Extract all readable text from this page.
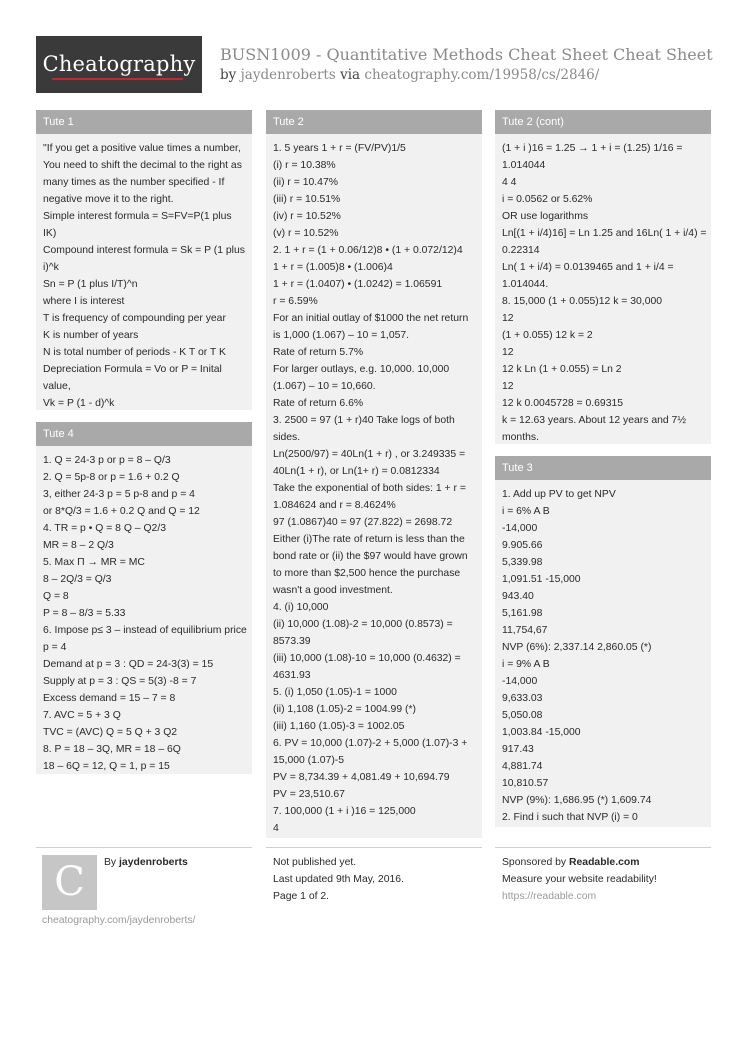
Cheatography	BUSN1009 - Quantitative Methods Cheat Sheet Cheat Sheet
by jaydenroberts via cheatography.com/19958/cs/2846/
Tute 1
"If you get a positive value times a number,
You need to shift the decimal to the right as
many times as the number specified - If
negative move it to the right.
Simple interest formula = S=FV=P(1 plus
IK)
Compound interest formula = Sk = P (1 plus
i)^k
Sn = P (1 plus I/T)^n
where I is interest
T is frequency of compounding per year
K is number of years
N is total number of periods - K T or T K
Depreciation Formula = Vo or P = Inital
value,
Vk = P (1 - d)^k
Tute 4
1. Q = 24-3 p or p = 8 – Q/3
2. Q = 5p-8 or p = 1.6 + 0.2 Q
3, either 24-3 p = 5 p-8 and p = 4
or 8*Q/3 = 1.6 + 0.2 Q and Q = 12
4. TR = p • Q = 8 Q – Q2/3
MR = 8 – 2 Q/3
5. Max Π → MR = MC
8 – 2Q/3 = Q/3
Q = 8
P = 8 – 8/3 = 5.33
6. Impose p≤ 3 – instead of equilibrium price
p = 4
Demand at p = 3 : QD = 24-3(3) = 15
Supply at p = 3 : QS = 5(3) -8 = 7
Excess demand = 15 – 7 = 8
7. AVC = 5 + 3 Q
TVC = (AVC) Q = 5 Q + 3 Q2
8. P = 18 – 3Q, MR = 18 – 6Q
18 – 6Q = 12, Q = 1, p = 15
Tute 2
1. 5 years 1 + r = (FV/PV)1/5
(i) r = 10.38%
(ii) r = 10.47%
(iii) r = 10.51%
(iv) r = 10.52%
(v) r = 10.52%
2. 1 + r = (1 + 0.06/12)8 • (1 + 0.072/12)4
1 + r = (1.005)8 • (1.006)4
1 + r = (1.0407) • (1.0242) = 1.06591
r = 6.59%
For an initial outlay of $1000 the net return
is 1,000 (1.067) – 10 = 1,057.
Rate of return 5.7%
For larger outlays, e.g. 10,000. 10,000
(1.067) – 10 = 10,660.
Rate of return 6.6%
3. 2500 = 97 (1 + r)40 Take logs of both
sides.
Ln(2500/97) = 40Ln(1 + r) , or 3.249335 =
40Ln(1 + r), or Ln(1+ r) = 0.0812334
Take the exponential of both sides: 1 + r =
1.084624 and r = 8.4624%
97 (1.0867)40 = 97 (27.822) = 2698.72
Either (i)The rate of return is less than the
bond rate or (ii) the $97 would have grown
to more than $2,500 hence the purchase
wasn't a good investment.
4. (i) 10,000
(ii) 10,000 (1.08)-2 = 10,000 (0.8573) =
8573.39
(iii) 10,000 (1.08)-10 = 10,000 (0.4632) =
4631.93
5. (i) 1,050 (1.05)-1 = 1000
(ii) 1,108 (1.05)-2 = 1004.99 (*)
(iii) 1,160 (1.05)-3 = 1002.05
6. PV = 10,000 (1.07)-2 + 5,000 (1.07)-3 +
15,000 (1.07)-5
PV = 8,734.39 + 4,081.49 + 10,694.79
PV = 23,510.67
7. 100,000 (1 + i )16 = 125,000
4
Tute 2 (cont)
(1 + i )16 = 1.25 → 1 + i = (1.25) 1/16 =
1.014044
4 4
i = 0.0562 or 5.62%
OR use logarithms
Ln[(1 + i/4)16] = Ln 1.25 and 16Ln( 1 + i/4) =
0.22314
Ln( 1 + i/4) = 0.0139465 and 1 + i/4 =
1.014044.
8. 15,000 (1 + 0.055)12 k = 30,000
12
(1 + 0.055) 12 k = 2
12
12 k Ln (1 + 0.055) = Ln 2
12
12 k 0.0045728 = 0.69315
k = 12.63 years. About 12 years and 7½
months.
Tute 3
1. Add up PV to get NPV
i = 6% A B
-14,000
9.905.66
5,339.98
1,091.51 -15,000
943.40
5,161.98
11,754,67
NVP (6%): 2,337.14 2,860.05 (*)
i = 9% A B
-14,000
9,633.03
5,050.08
1,003.84 -15,000
917.43
4,881.74
10,810.57
NVP (9%): 1,686.95 (*) 1,609.74
2. Find i such that NVP (i) = 0
C	By jaydenroberts
cheatography.com/jaydenroberts/
Not published yet.
Last updated 9th May, 2016.
Page 1 of 2.
Sponsored by Readable.com
Measure your website readability!
https://readable.com
